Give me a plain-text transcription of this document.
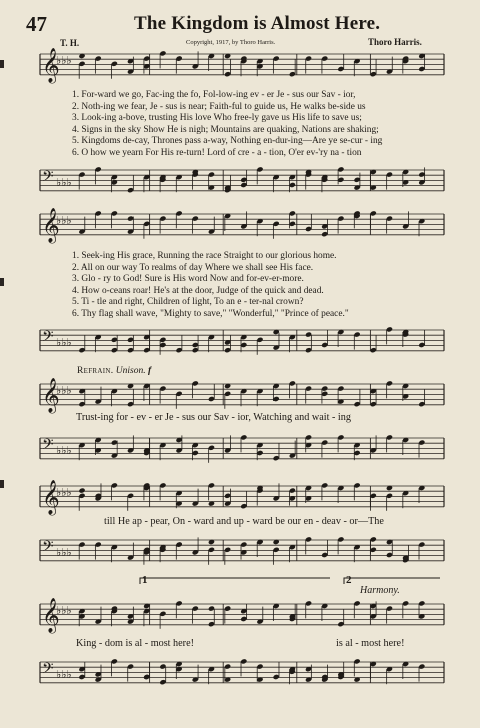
47	The Kingdom is Almost Here.
T. H.	Copyright, 1917, by Thoro Harris.	Thoro Harris.
𝄞
♭♭♭
𝄢 ♭♭♭
1. For-ward we go, Fac-ing the fo, Fol-low-ing ev - er Je - sus our Sav - ior,
2. Noth-ing we fear, Je - sus is near; Faith-ful to guide us, He walks be-side us
3. Look-ing a-bove, trusting His love Who free-ly gave us His life to save us;
4. Signs in the sky Show He is nigh; Mountains are quaking, Nations are shaking;
5. Kingdoms de-cay, Thrones pass a-way, Nothing en-dur-ing—Are ye se-cur - ing
6. O how we yearn For His re-turn! Lord of cre - a - tion, O'er ev-'ry na - tion
𝄞
♭♭♭
𝄢 ♭♭♭
1. Seek-ing His grace, Running the race Straight to our glorious home.
2. All on our way To realms of day Where we shall see His face.
3. Glo - ry to God! Sure is His word Now and for-ev-er-more.
4. How o-ceans roar! He's at the door, Judge of the quick and dead.
5. Ti - tle and right, Children of light, To an e - ter-nal crown?
6. Thy flag shall wave, "Mighty to save," "Wonderful," "Prince of peace."
Refrain. Unison. f
𝄞
♭♭♭
𝄢 ♭♭♭
Trust-ing for - ev - er Je - sus our Sav - ior, Watching and wait - ing
𝄞
♭♭♭
𝄢 ♭♭♭
till He ap - pear, On - ward and up - ward be our en - deav - or—The
Harmony.
1	2
𝄞
♭♭♭
𝄢 ♭♭♭
King - dom is al - most here!	is al - most here!
